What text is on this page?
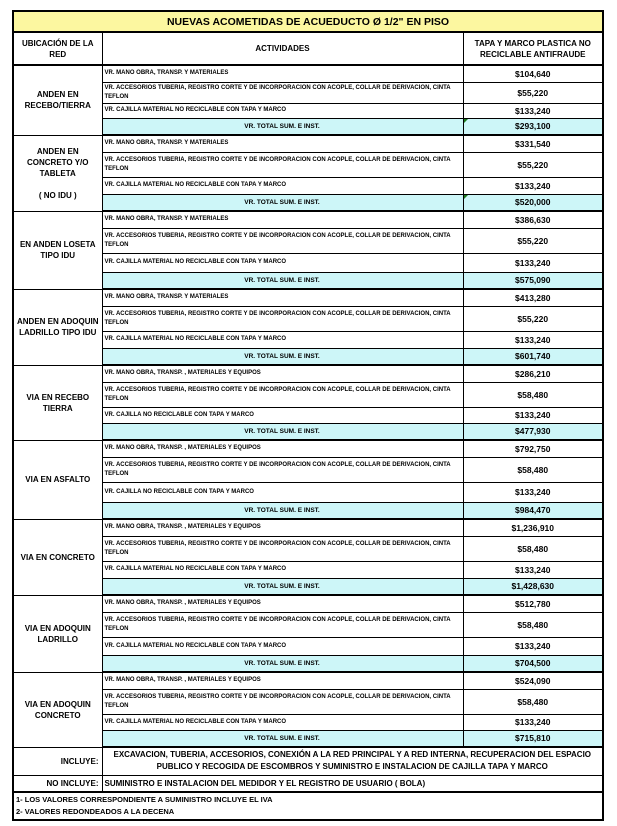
NUEVAS ACOMETIDAS DE ACUEDUCTO Ø 1/2" EN PISO		
UBICACIÓN DE LA RED	ACTIVIDADES	TAPA Y MARCO PLASTICA NO RECICLABLE ANTIFRAUDE
ANDEN EN RECEBO/TIERRA	VR. MANO OBRA, TRANSP. Y MATERIALES	$104,640
	VR. ACCESORIOS TUBERIA, REGISTRO CORTE Y DE INCORPORACION CON ACOPLE, COLLAR DE DERIVACION, CINTA TEFLON	$55,220
	VR. CAJILLA MATERIAL NO RECICLABLE CON TAPA Y MARCO	$133,240
	VR. TOTAL SUM. E INST.	$293,100
ANDEN EN CONCRETO Y/O TABLETA

( NO IDU )	VR. MANO OBRA, TRANSP. Y MATERIALES	$331,540
	VR. ACCESORIOS TUBERIA, REGISTRO CORTE Y DE INCORPORACION CON ACOPLE, COLLAR DE DERIVACION, CINTA TEFLON	$55,220
	VR. CAJILLA MATERIAL NO RECICLABLE CON TAPA Y MARCO	$133,240
	VR. TOTAL SUM. E INST.	$520,000
EN ANDEN LOSETA TIPO IDU	VR. MANO OBRA, TRANSP. Y MATERIALES	$386,630
	VR. ACCESORIOS TUBERIA, REGISTRO CORTE Y DE INCORPORACION CON ACOPLE, COLLAR DE DERIVACION, CINTA TEFLON	$55,220
	VR. CAJILLA MATERIAL NO RECICLABLE CON TAPA Y MARCO	$133,240
	VR. TOTAL SUM. E INST.	$575,090
ANDEN EN ADOQUIN LADRILLO TIPO IDU	VR. MANO OBRA, TRANSP. Y MATERIALES	$413,280
	VR. ACCESORIOS TUBERIA, REGISTRO CORTE Y DE INCORPORACION CON ACOPLE, COLLAR DE DERIVACION, CINTA TEFLON	$55,220
	VR. CAJILLA MATERIAL NO RECICLABLE CON TAPA Y MARCO	$133,240
	VR. TOTAL SUM. E INST.	$601,740
VIA EN RECEBO TIERRA	VR. MANO OBRA, TRANSP. , MATERIALES Y EQUIPOS	$286,210
	VR. ACCESORIOS TUBERIA, REGISTRO CORTE Y DE INCORPORACION CON ACOPLE, COLLAR DE DERIVACION, CINTA TEFLON	$58,480
	VR. CAJILLA NO RECICLABLE CON TAPA Y MARCO	$133,240
	VR. TOTAL SUM. E INST.	$477,930
VIA EN ASFALTO	VR. MANO OBRA, TRANSP. , MATERIALES Y EQUIPOS	$792,750
	VR. ACCESORIOS TUBERIA, REGISTRO CORTE Y DE INCORPORACION CON ACOPLE, COLLAR DE DERIVACION, CINTA TEFLON	$58,480
	VR. CAJILLA NO RECICLABLE CON TAPA Y MARCO	$133,240
	VR. TOTAL SUM. E INST.	$984,470
VIA EN CONCRETO	VR. MANO OBRA, TRANSP. , MATERIALES Y EQUIPOS	$1,236,910
	VR. ACCESORIOS TUBERIA, REGISTRO CORTE Y DE INCORPORACION CON ACOPLE, COLLAR DE DERIVACION, CINTA TEFLON	$58,480
	VR. CAJILLA MATERIAL NO RECICLABLE CON TAPA Y MARCO	$133,240
	VR. TOTAL SUM. E INST.	$1,428,630
VIA EN ADOQUIN LADRILLO	VR. MANO OBRA, TRANSP. , MATERIALES Y EQUIPOS	$512,780
	VR. ACCESORIOS TUBERIA, REGISTRO CORTE Y DE INCORPORACION CON ACOPLE, COLLAR DE DERIVACION, CINTA TEFLON	$58,480
	VR. CAJILLA MATERIAL NO RECICLABLE CON TAPA Y MARCO	$133,240
	VR. TOTAL SUM. E INST.	$704,500
VIA EN ADOQUIN CONCRETO	VR. MANO OBRA, TRANSP. , MATERIALES Y EQUIPOS	$524,090
	VR. ACCESORIOS TUBERIA, REGISTRO CORTE Y DE INCORPORACION CON ACOPLE, COLLAR DE DERIVACION, CINTA TEFLON	$58,480
	VR. CAJILLA MATERIAL NO RECICLABLE CON TAPA Y MARCO	$133,240
	VR. TOTAL SUM. E INST.	$715,810
INCLUYE:	EXCAVACION, TUBERIA, ACCESORIOS, CONEXIÓN A LA RED PRINCIPAL Y A RED INTERNA, RECUPERACION DEL ESPACIO PUBLICO Y RECOGIDA DE ESCOMBROS Y SUMINISTRO E INSTALACION DE CAJILLA TAPA Y MARCO	
NO INCLUYE:	SUMINISTRO E INSTALACION DEL MEDIDOR Y EL REGISTRO DE USUARIO ( BOLA)	

1- LOS VALORES CORRESPONDIENTE A SUMINISTRO INCLUYE EL IVA
2- VALORES REDONDEADOS A LA DECENA		
